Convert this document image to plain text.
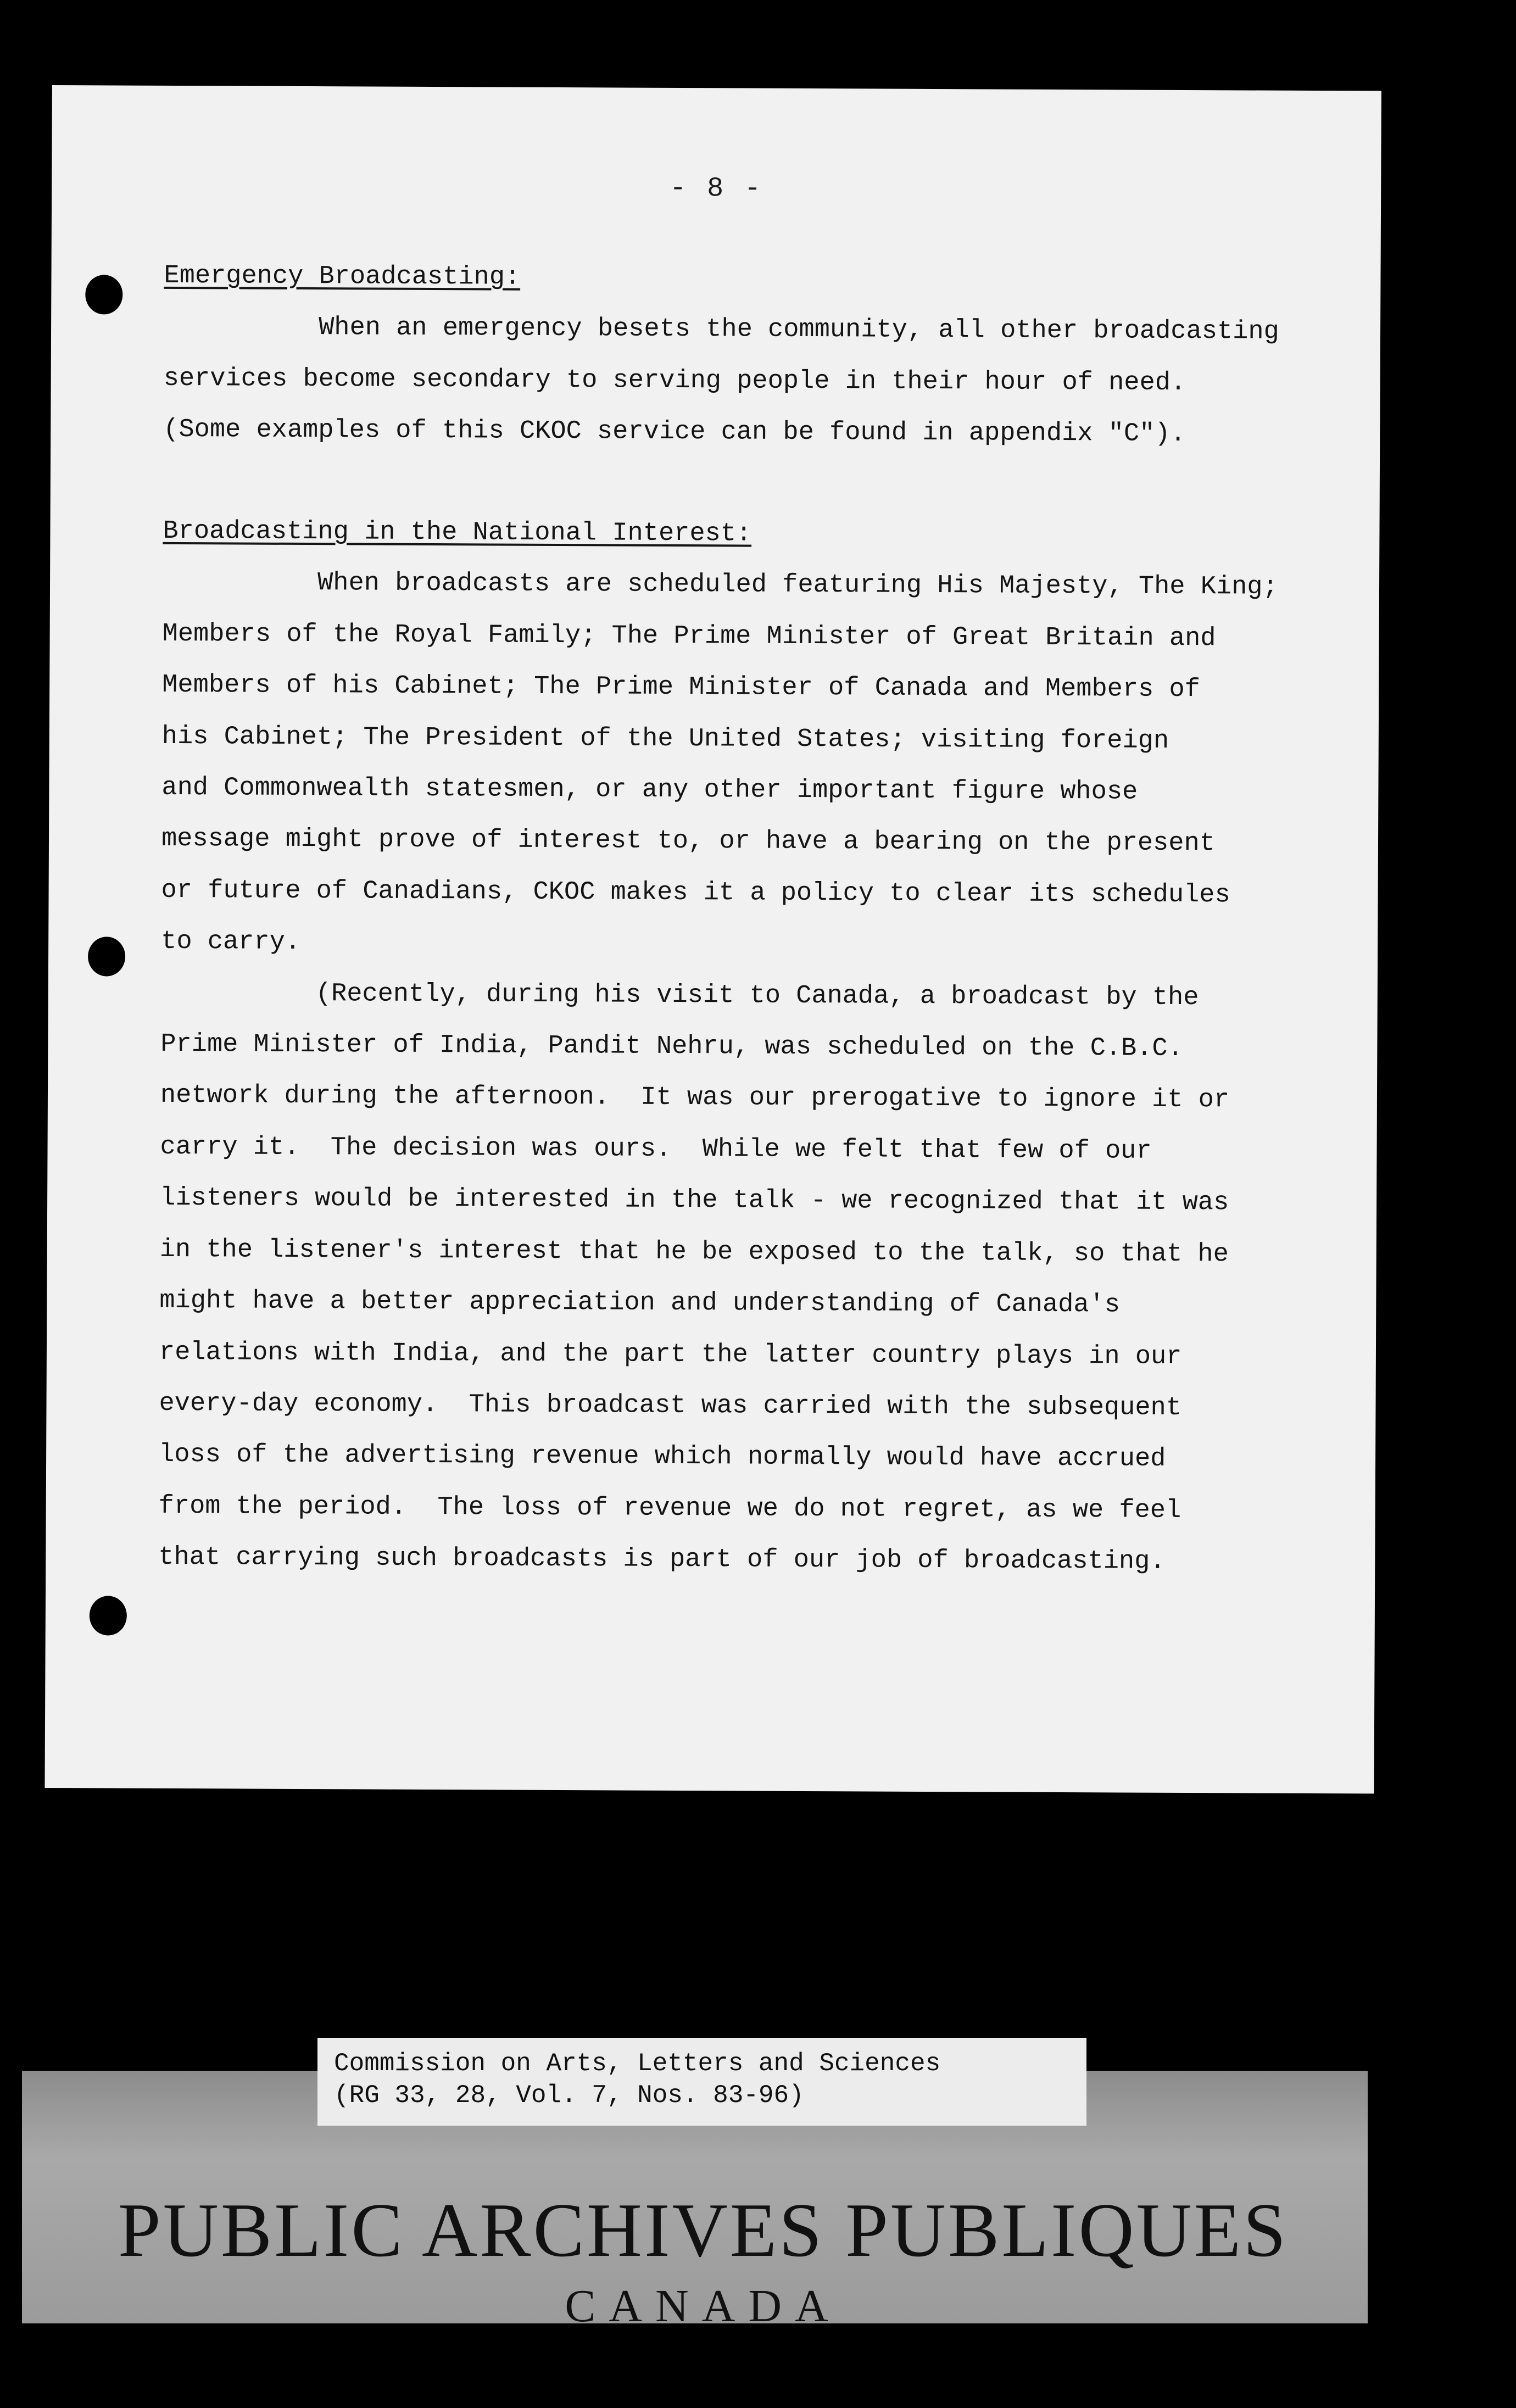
- 8 -

Emergency Broadcasting:

When an emergency besets the community, all other broadcasting

services become secondary to serving people in their hour of need.

(Some examples of this CKOC service can be found in appendix "C").

Broadcasting in the National Interest:

When broadcasts are scheduled featuring His Majesty, The King;

Members of the Royal Family; The Prime Minister of Great Britain and

Members of his Cabinet; The Prime Minister of Canada and Members of

his Cabinet; The President of the United States; visiting foreign

and Commonwealth statesmen, or any other important figure whose

message might prove of interest to, or have a bearing on the present

or future of Canadians, CKOC makes it a policy to clear its schedules

to carry.

(Recently, during his visit to Canada, a broadcast by the

Prime Minister of India, Pandit Nehru, was scheduled on the C.B.C.

network during the afternoon.  It was our prerogative to ignore it or

carry it.  The decision was ours.  While we felt that few of our

listeners would be interested in the talk - we recognized that it was

in the listener's interest that he be exposed to the talk, so that he

might have a better appreciation and understanding of Canada's

relations with India, and the part the latter country plays in our

every-day economy.  This broadcast was carried with the subsequent

loss of the advertising revenue which normally would have accrued

from the period.  The loss of revenue we do not regret, as we feel

that carrying such broadcasts is part of our job of broadcasting.

Commission on Arts, Letters and Sciences
(RG 33, 28, Vol. 7, Nos. 83-96)
PUBLIC ARCHIVES PUBLIQUES
CANADA
